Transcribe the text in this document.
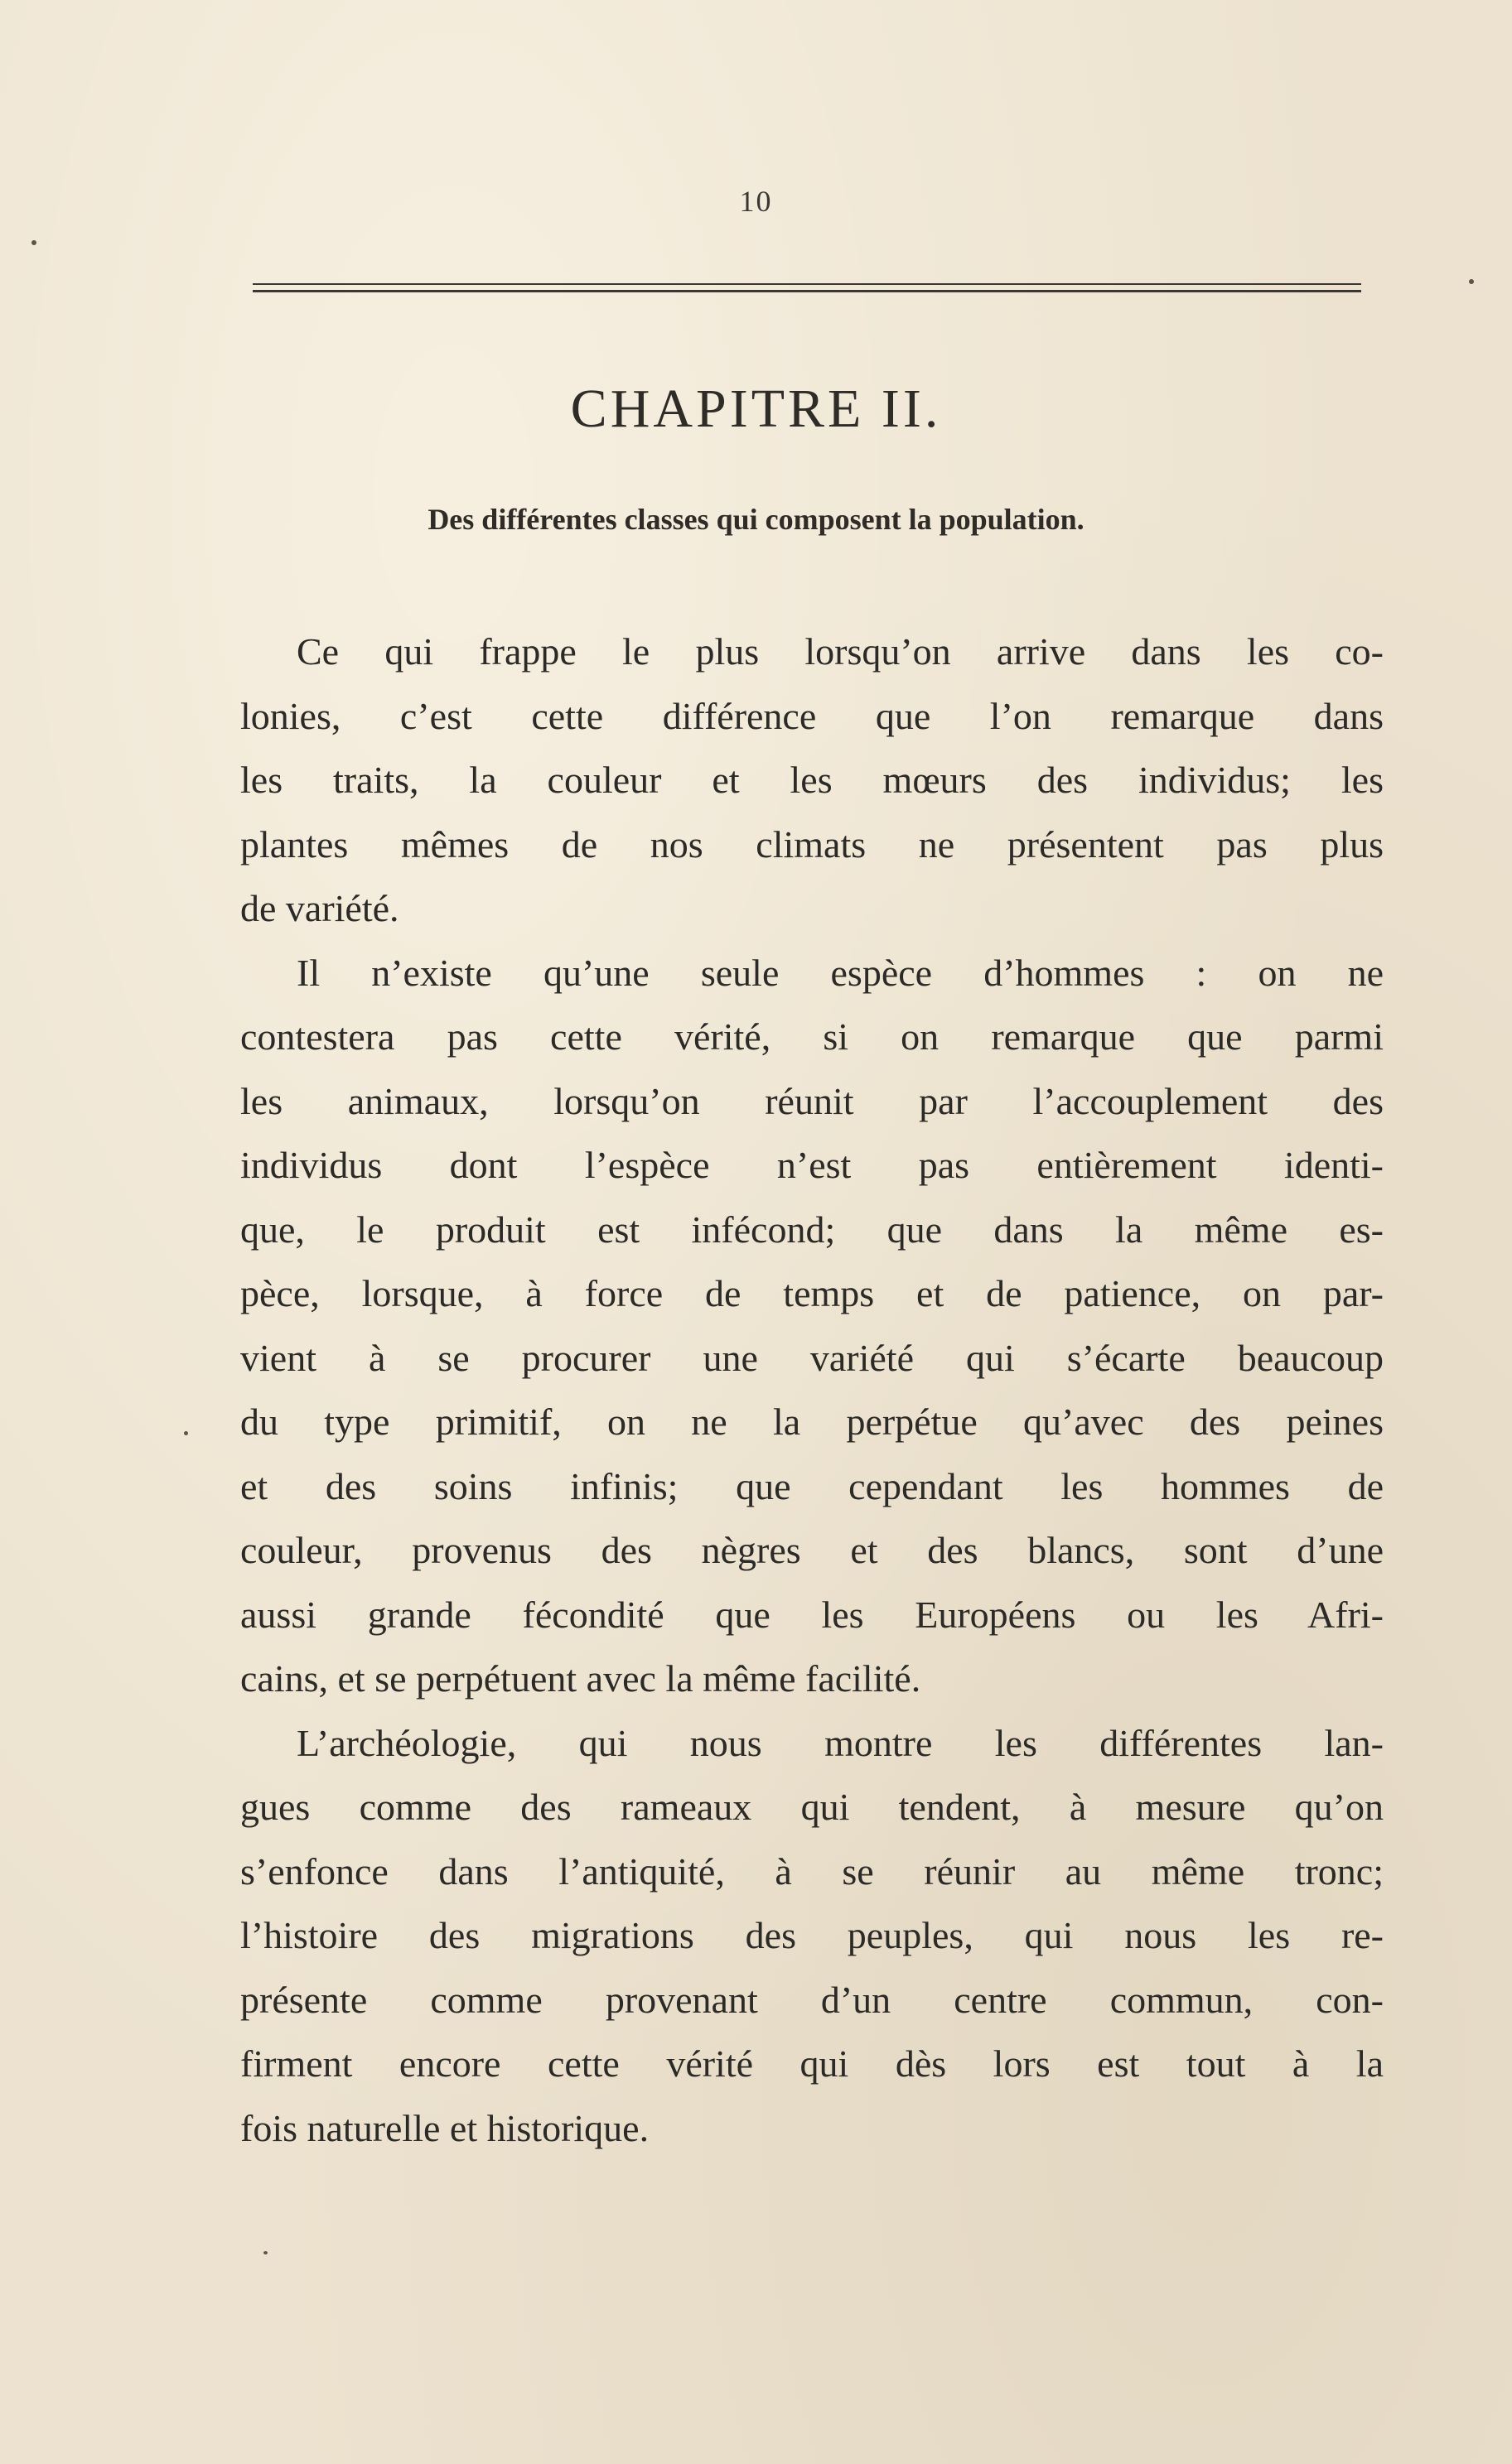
10
CHAPITRE II.
Des différentes classes qui composent la population.
Ce qui frappe le plus lorsqu’on arrive dans les co-
lonies, c’est cette différence que l’on remarque dans
les traits, la couleur et les mœurs des individus; les
plantes mêmes de nos climats ne présentent pas plus
de variété.
Il n’existe qu’une seule espèce d’hommes : on ne
contestera pas cette vérité, si on remarque que parmi
les animaux, lorsqu’on réunit par l’accouplement des
individus dont l’espèce n’est pas entièrement identi-
que, le produit est infécond; que dans la même es-
pèce, lorsque, à force de temps et de patience, on par-
vient à se procurer une variété qui s’écarte beaucoup
du type primitif, on ne la perpétue qu’avec des peines
et des soins infinis; que cependant les hommes de
couleur, provenus des nègres et des blancs, sont d’une
aussi grande fécondité que les Européens ou les Afri-
cains, et se perpétuent avec la même facilité.
L’archéologie, qui nous montre les différentes lan-
gues comme des rameaux qui tendent, à mesure qu’on
s’enfonce dans l’antiquité, à se réunir au même tronc;
l’histoire des migrations des peuples, qui nous les re-
présente comme provenant d’un centre commun, con-
firment encore cette vérité qui dès lors est tout à la
fois naturelle et historique.
